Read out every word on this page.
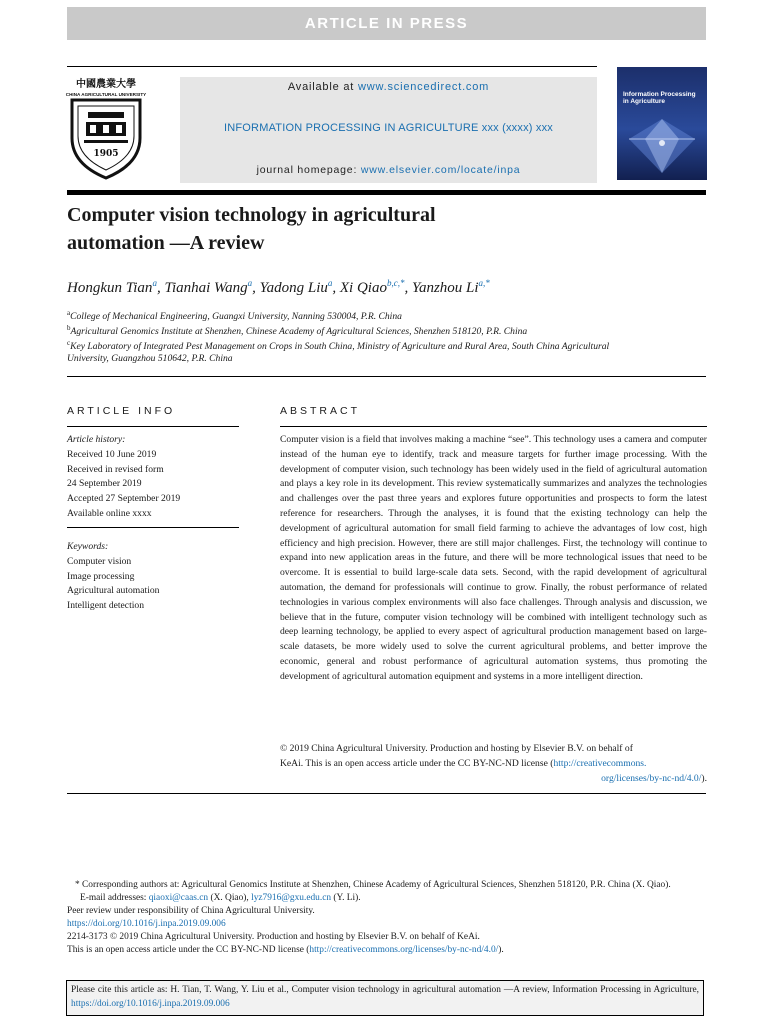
ARTICLE IN PRESS
中國農業大學
CHINA AGRICULTURAL UNIVERSITY
1905
Available at www.sciencedirect.com
INFORMATION PROCESSING IN AGRICULTURE xxx (xxxx) xxx
journal homepage: www.elsevier.com/locate/inpa
Information Processing in Agriculture
Computer vision technology in agricultural
automation —A review
Hongkun Tian$^a$, Tianhai Wang$^a$, Yadong Liu$^a$, Xi Qiao$^{b,c,*}$, Yanzhou $Li^{a,*}$
$^a$College of Mechanical Engineering, Guangxi University, Nanning 530004, P.R. China
$^b$Agricultural Genomics Institute at Shenzhen, Chinese Academy of Agricultural Sciences, Shenzhen 518120, P.R. China
$^c$Key Laboratory of Integrated Pest Management on Crops in South China, Ministry of Agriculture and Rural Area, South China Agricultural
University, Guangzhou 510642, P.R. China
ARTICLE INFO	ABSTRACT
Article history:
Received 10 June 2019
Received in revised form
24 September 2019
Accepted 27 September 2019
Available online xxxx
Keywords:
Computer vision
Image processing
Agricultural automation
Intelligent detection

Computer vision is a field that involves making a machine “see”. This technology uses a camera and computer instead of the human eye to identify, track and measure targets for further image processing. With the development of computer vision, such technology has been widely used in the field of agricultural automation and plays a key role in its development. This review systematically summarizes and analyzes the technologies and challenges over the past three years and explores future opportunities and prospects to form the latest reference for researchers. Through the analyses, it is found that the existing technology can help the development of agricultural automation for small field farming to achieve the advantages of low cost, high efficiency and high precision. However, there are still major challenges. First, the technology will continue to expand into new application areas in the future, and there will be more technological issues that need to be overcome. It is essential to build large-scale data sets. Second, with the rapid development of agricultural automation, the demand for professionals will continue to grow. Finally, the robust performance of related technologies in various complex environments will also face challenges. Through analysis and discussion, we believe that in the future, computer vision technology will be combined with intelligent technology such as deep learning technology, be applied to every aspect of agricultural production management based on large-scale datasets, be more widely used to solve the current agricultural problems, and better improve the economic, general and robust performance of agricultural automation systems, thus promoting the development of agricultural automation equipment and systems in a more intelligent direction.

© 2019 China Agricultural University. Production and hosting by Elsevier B.V. on behalf of
KeAi. This is an open access article under the CC BY-NC-ND license (http://creativecommons.
org/licenses/by-nc-nd/4.0/).

* Corresponding authors at: Agricultural Genomics Institute at Shenzhen, Chinese Academy of Agricultural Sciences, Shenzhen 518120, P.R. China (X. Qiao).

E-mail addresses: qiaoxi@caas.cn (X. Qiao), lyz7916@gxu.edu.cn (Y. Li).

Peer review under responsibility of China Agricultural University.

https://doi.org/10.1016/j.inpa.2019.09.006

2214-3173 © 2019 China Agricultural University. Production and hosting by Elsevier B.V. on behalf of KeAi.

This is an open access article under the CC BY-NC-ND license (http://creativecommons.org/licenses/by-nc-nd/4.0/).

Please cite this article as: H. Tian, T. Wang, Y. Liu et al., Computer vision technology in agricultural automation —A review, Information Processing in Agriculture, https://doi.org/10.1016/j.inpa.2019.09.006
